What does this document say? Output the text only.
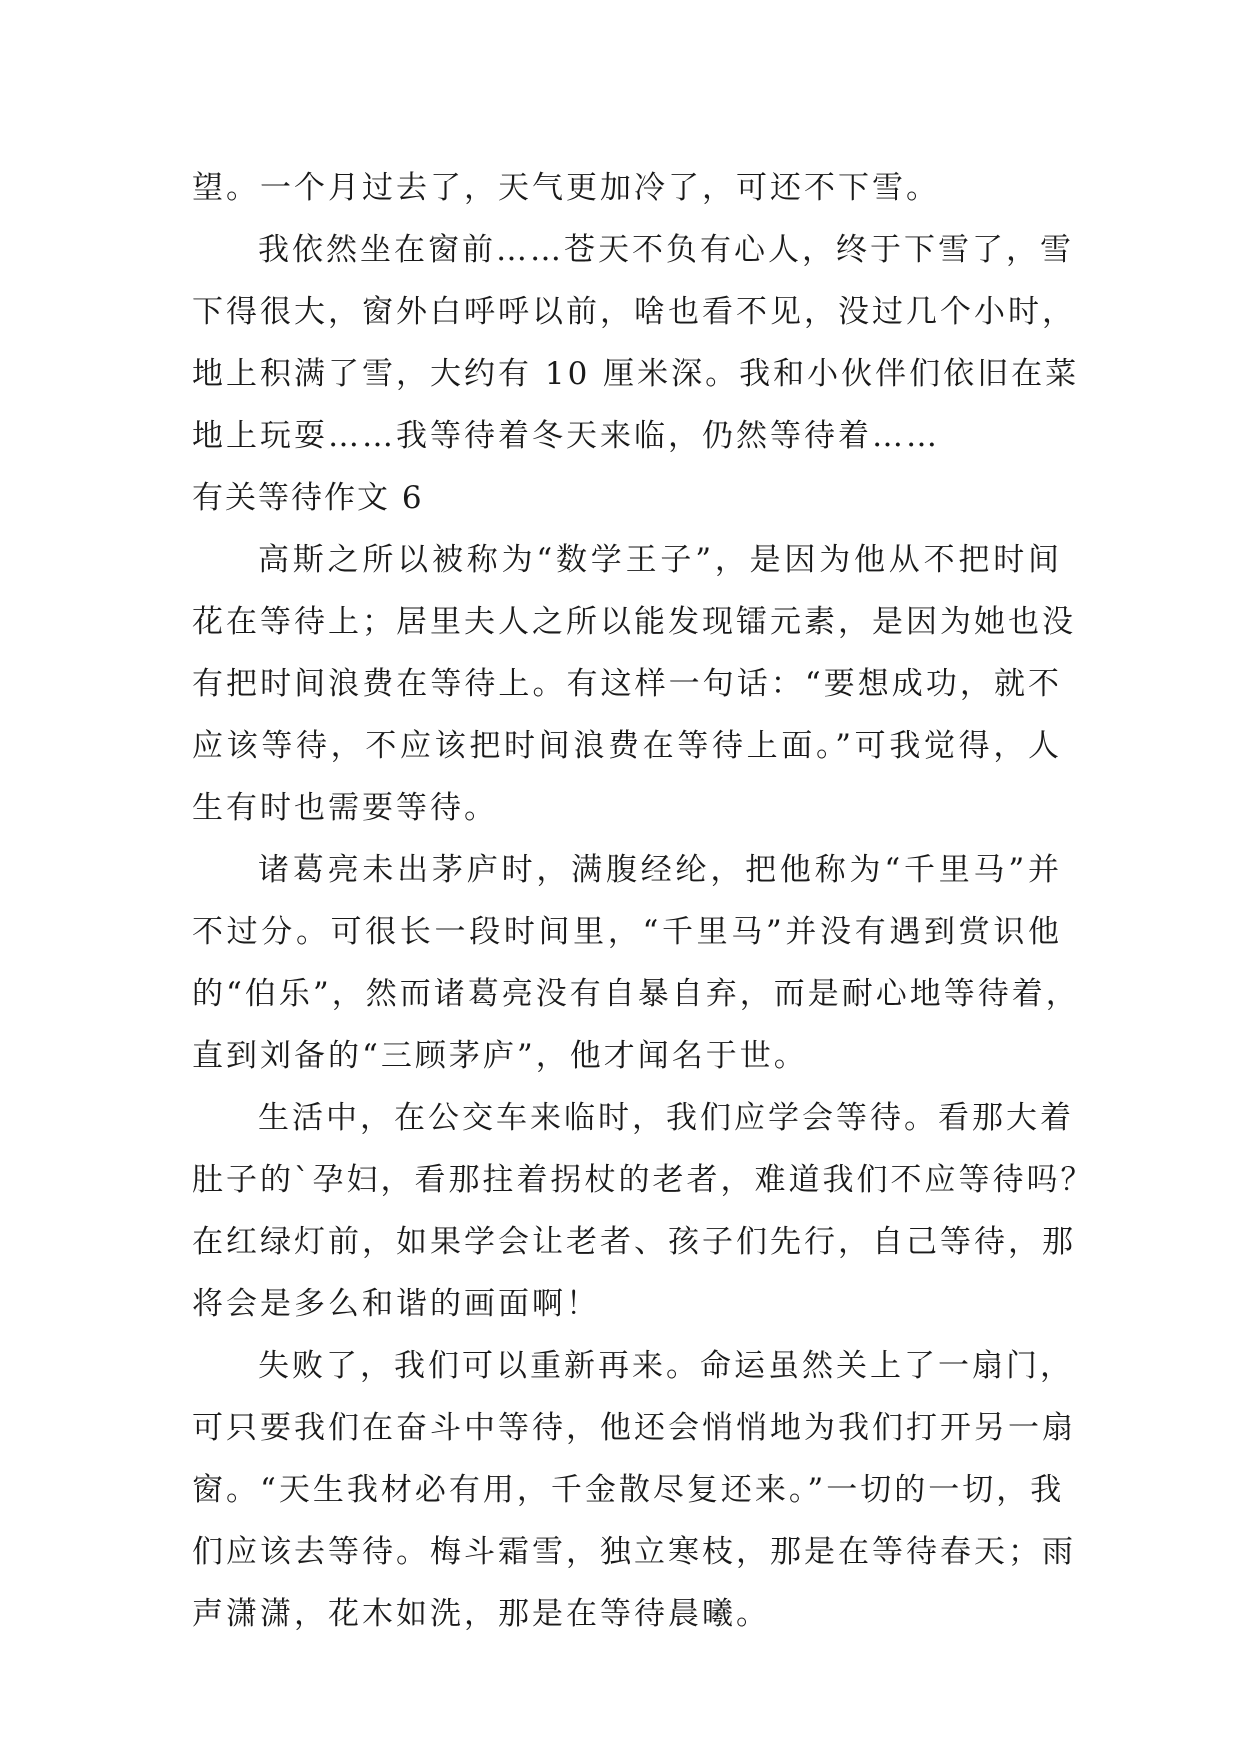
望。一个月过去了，天气更加冷了，可还不下雪。
我依然坐在窗前……苍天不负有心人，终于下雪了，雪
下得很大，窗外白呼呼以前，啥也看不见，没过几个小时，
地上积满了雪，大约有 10 厘米深。我和小伙伴们依旧在菜
地上玩耍……我等待着冬天来临，仍然等待着……
有关等待作文 6
高斯之所以被称为“数学王子”，是因为他从不把时间
花在等待上；居里夫人之所以能发现镭元素，是因为她也没
有把时间浪费在等待上。有这样一句话：“要想成功，就不
应该等待，不应该把时间浪费在等待上面。”可我觉得，人
生有时也需要等待。
诸葛亮未出茅庐时，满腹经纶，把他称为“千里马”并
不过分。可很长一段时间里，“千里马”并没有遇到赏识他
的“伯乐”，然而诸葛亮没有自暴自弃，而是耐心地等待着，
直到刘备的“三顾茅庐”，他才闻名于世。
生活中，在公交车来临时，我们应学会等待。看那大着
肚子的`孕妇，看那拄着拐杖的老者，难道我们不应等待吗？
在红绿灯前，如果学会让老者、孩子们先行，自己等待，那
将会是多么和谐的画面啊！
失败了，我们可以重新再来。命运虽然关上了一扇门，
可只要我们在奋斗中等待，他还会悄悄地为我们打开另一扇
窗。“天生我材必有用，千金散尽复还来。”一切的一切，我
们应该去等待。梅斗霜雪，独立寒枝，那是在等待春天；雨
声潇潇，花木如洗，那是在等待晨曦。
